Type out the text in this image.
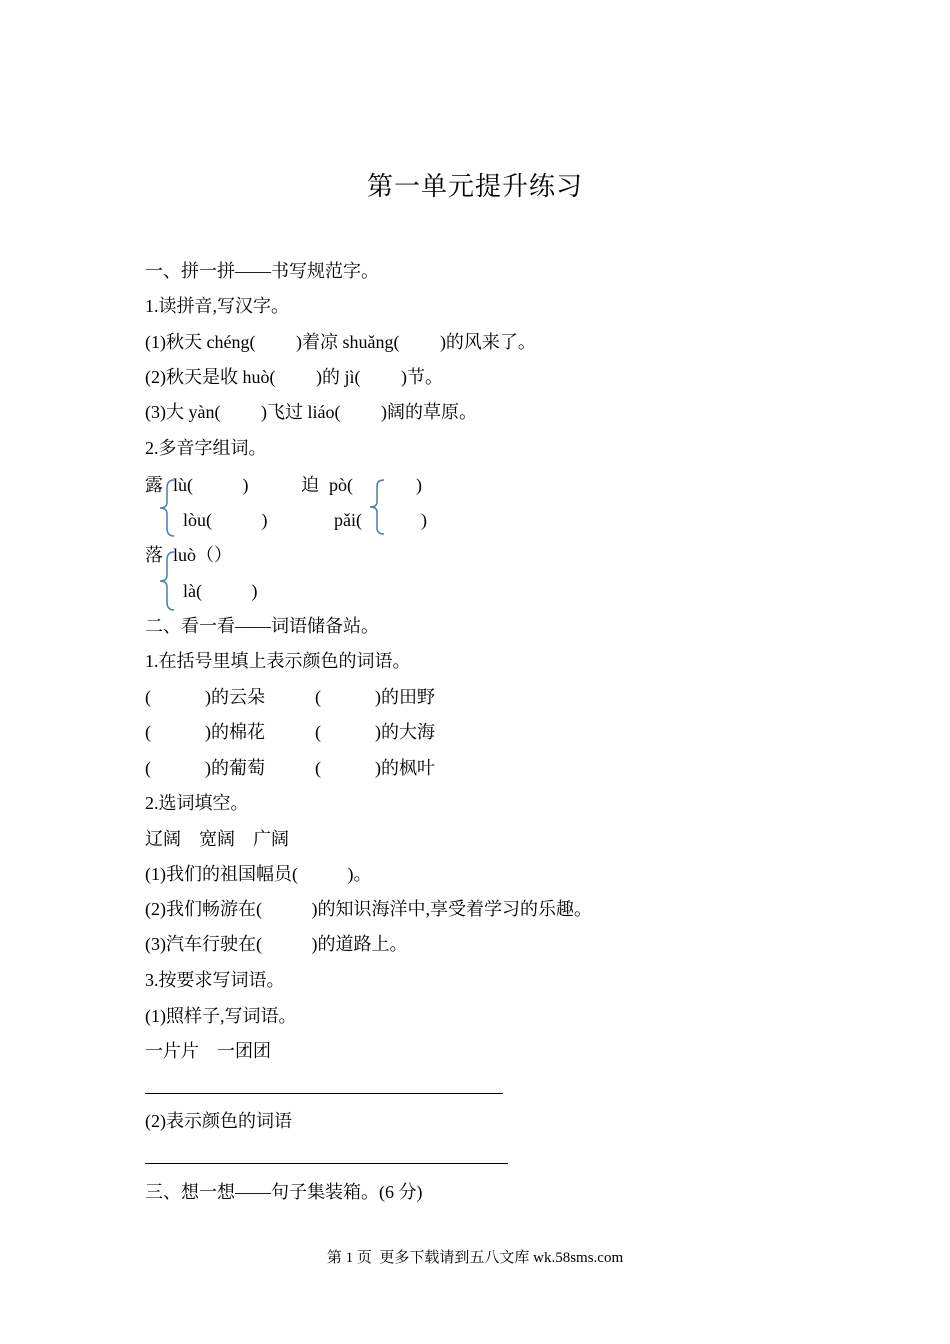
第一单元提升练习
一、拼一拼——书写规范字。
1.读拼音,写汉字。
(1)秋天 chéng(         )着凉 shuǎng(         )的风来了。
(2)秋天是收 huò(         )的 jì(         )节。
(3)大 yàn(         )飞过 liáo(         )阔的草原。
2.多音字组词。
露 lù(           )
lòu(           )
迫 pò(	)
pǎi(	)
落 luò（）
là(           )
二、看一看——词语储备站。
1.在括号里填上表示颜色的词语。
(            )的云朵	(            )的田野
(            )的棉花	(            )的大海
(            )的葡萄	(            )的枫叶
2.选词填空。
辽阔    宽阔    广阔
(1)我们的祖国幅员(           )。
(2)我们畅游在(           )的知识海洋中,享受着学习的乐趣。
(3)汽车行驶在(           )的道路上。
3.按要求写词语。
(1)照样子,写词语。
一片片    一团团
(2)表示颜色的词语
三、想一想——句子集装箱。(6 分)
第 1 页  更多下载请到五八文库 wk.58sms.com
